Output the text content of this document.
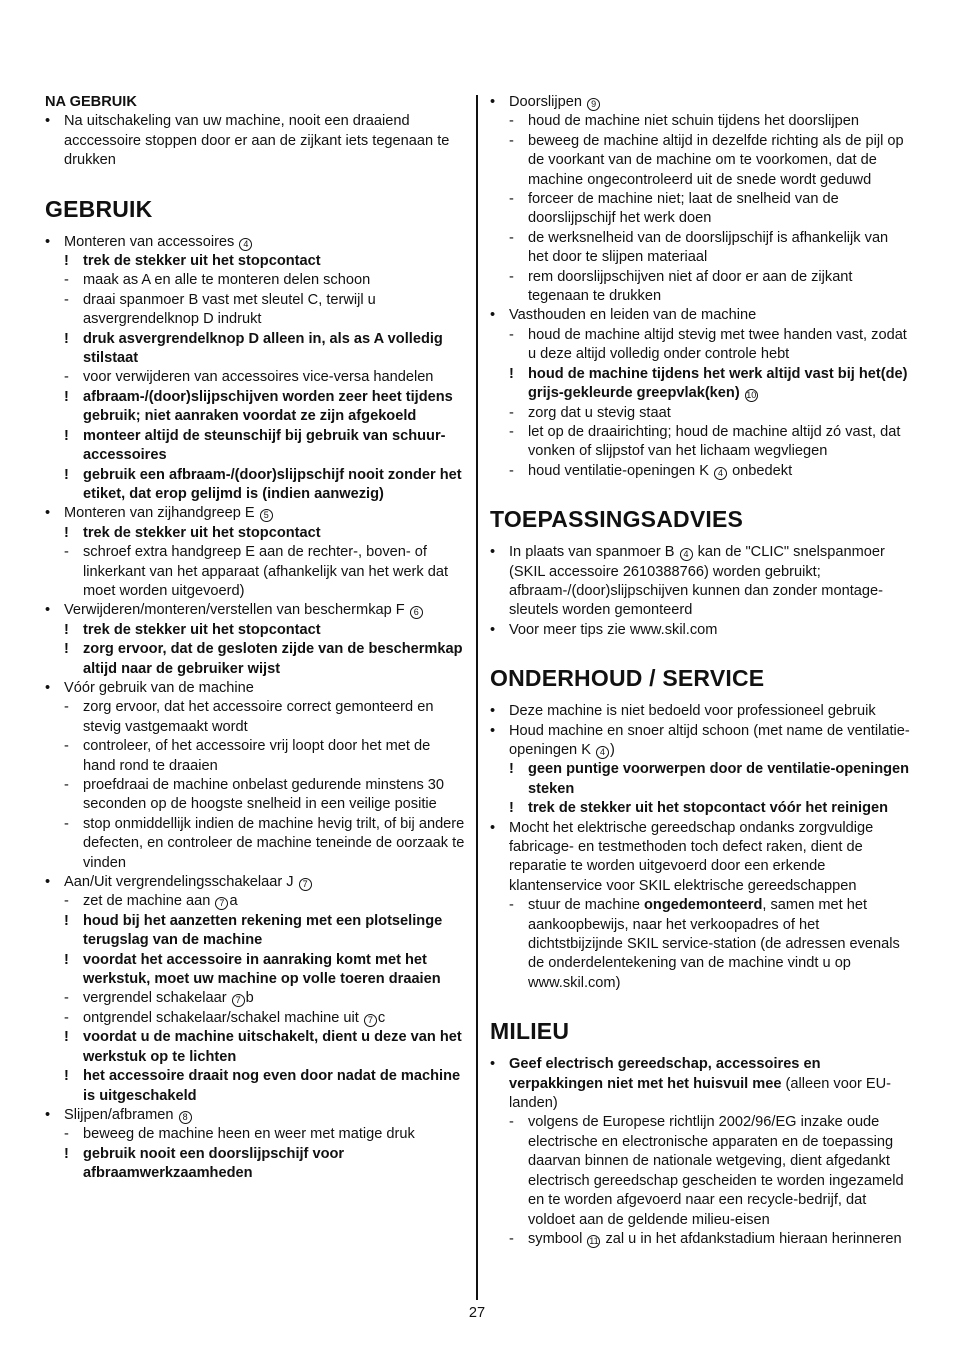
NA GEBRUIK
• Na uitschakeling van uw machine, nooit een draaiend acccessoire stoppen door er aan de zijkant iets tegenaan te drukken
GEBRUIK
• Monteren van accessoires 4
! trek de stekker uit het stopcontact
- maak as A en alle te monteren delen schoon
- draai spanmoer B vast met sleutel C, terwijl u asvergrendelknop D indrukt
! druk asvergrendelknop D alleen in, als as A volledig stilstaat
- voor verwijderen van accessoires vice-versa handelen
! afbraam-/(door)slijpschijven worden zeer heet tijdens gebruik; niet aanraken voordat ze zijn afgekoeld
! monteer altijd de steunschijf bij gebruik van schuur-accessoires
! gebruik een afbraam-/(door)slijpschijf nooit zonder het etiket, dat erop gelijmd is (indien aanwezig)
• Monteren van zijhandgreep E 5
! trek de stekker uit het stopcontact
- schroef extra handgreep E aan de rechter-, boven- of linkerkant van het apparaat (afhankelijk van het werk dat moet worden uitgevoerd)
• Verwijderen/monteren/verstellen van beschermkap F 6
! trek de stekker uit het stopcontact
! zorg ervoor, dat de gesloten zijde van de beschermkap altijd naar de gebruiker wijst
• Vóór gebruik van de machine
- zorg ervoor, dat het accessoire correct gemonteerd en stevig vastgemaakt wordt
- controleer, of het accessoire vrij loopt door het met de hand rond te draaien
- proefdraai de machine onbelast gedurende minstens 30 seconden op de hoogste snelheid in een veilige positie
- stop onmiddellijk indien de machine hevig trilt, of bij andere defecten, en controleer de machine teneinde de oorzaak te vinden
• Aan/Uit vergrendelingsschakelaar J 7
- zet de machine aan 7 a
! houd bij het aanzetten rekening met een plotselinge terugslag van de machine
! voordat het accessoire in aanraking komt met het werkstuk, moet uw machine op volle toeren draaien
- vergrendel schakelaar 7 b
- ontgrendel schakelaar/schakel machine uit 7 c
! voordat u de machine uitschakelt, dient u deze van het werkstuk op te lichten
! het accessoire draait nog even door nadat de machine is uitgeschakeld
• Slijpen/afbramen 8
- beweeg de machine heen en weer met matige druk
! gebruik nooit een doorslijpschijf voor afbraamwerkzaamheden
• Doorslijpen 9
- houd de machine niet schuin tijdens het doorslijpen
- beweeg de machine altijd in dezelfde richting als de pijl op de voorkant van de machine om te voorkomen, dat de machine ongecontroleerd uit de snede wordt geduwd
- forceer de machine niet; laat de snelheid van de doorslijpschijf het werk doen
- de werksnelheid van de doorslijpschijf is afhankelijk van het door te slijpen materiaal
- rem doorslijpschijven niet af door er aan de zijkant tegenaan te drukken
• Vasthouden en leiden van de machine
- houd de machine altijd stevig met twee handen vast, zodat u deze altijd volledig onder controle hebt
! houd de machine tijdens het werk altijd vast bij het(de) grijs-gekleurde greepvlak(ken) 10
- zorg dat u stevig staat
- let op de draairichting; houd de machine altijd zó vast, dat vonken of slijpstof van het lichaam wegvliegen
- houd ventilatie-openingen K 4 onbedekt
TOEPASSINGSADVIES
• In plaats van spanmoer B 4 kan de "CLIC" snelspanmoer (SKIL accessoire 2610388766) worden gebruikt; afbraam-/(door)slijpschijven kunnen dan zonder montage-sleutels worden gemonteerd
• Voor meer tips zie www.skil.com
ONDERHOUD / SERVICE
• Deze machine is niet bedoeld voor professioneel gebruik
• Houd machine en snoer altijd schoon (met name de ventilatie-openingen K 4 )
! geen puntige voorwerpen door de ventilatie-openingen steken
! trek de stekker uit het stopcontact vóór het reinigen
• Mocht het elektrische gereedschap ondanks zorgvuldige fabricage- en testmethoden toch defect raken, dient de reparatie te worden uitgevoerd door een erkende klantenservice voor SKIL elektrische gereedschappen
- stuur de machine ongedemonteerd, samen met het aankoopbewijs, naar het verkoopadres of het dichtstbijzijnde SKIL service-station (de adressen evenals de onderdelentekening van de machine vindt u op www.skil.com)
MILIEU
• Geef electrisch gereedschap, accessoires en verpakkingen niet met het huisvuil mee (alleen voor EU-landen)
- volgens de Europese richtlijn 2002/96/EG inzake oude electrische en electronische apparaten en de toepassing daarvan binnen de nationale wetgeving, dient afgedankt electrisch gereedschap gescheiden te worden ingezameld en te worden afgevoerd naar een recycle-bedrijf, dat voldoet aan de geldende milieu-eisen
- symbool 11 zal u in het afdankstadium hieraan herinneren
27
